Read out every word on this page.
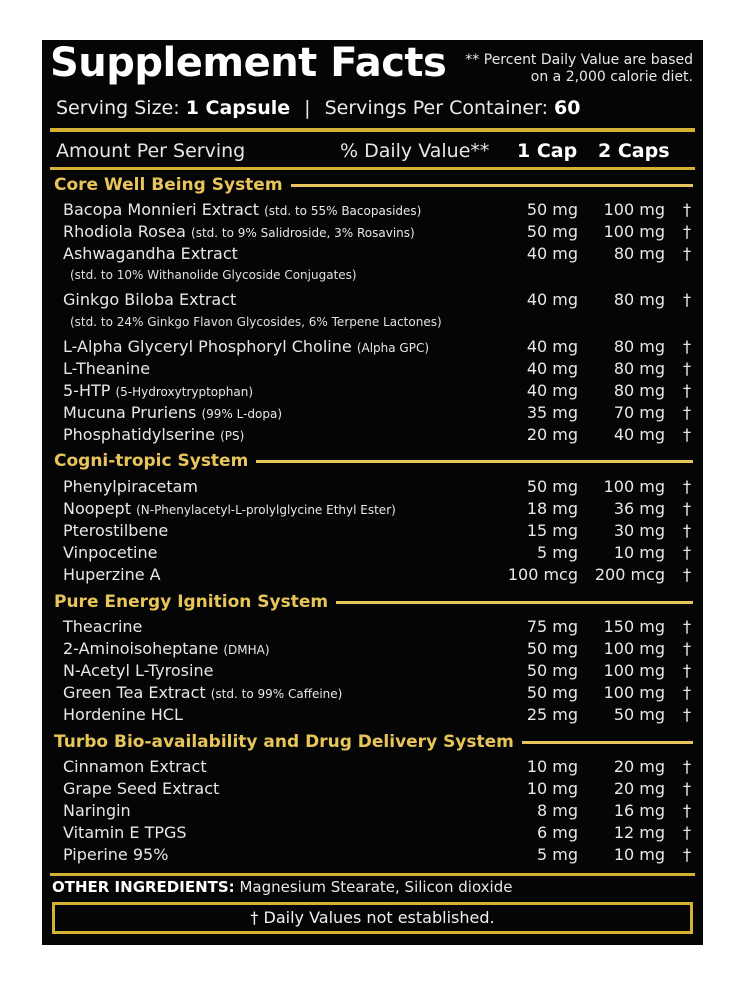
Supplement Facts ** Percent Daily Value are based
on a 2,000 calorie diet.
Serving Size: 1 Capsule | Servings Per Container: 60
Amount Per Serving	% Daily Value** 1 Cap 2 Caps
Core Well Being System
Cogni-tropic System
Pure Energy Ignition System
Turbo Bio-availability and Drug Delivery System
(std. to 10% Withanolide Glycoside Conjugates)
(std. to 24% Ginkgo Flavon Glycosides, 6% Terpene Lactones)
Bacopa Monnieri Extract (std. to 55% Bacopasides)	50 mg 100 mg †
Rhodiola Rosea (std. to 9% Salidroside, 3% Rosavins)	50 mg 100 mg †
Ashwagandha Extract	40 mg 80 mg †
Ginkgo Biloba Extract	40 mg 80 mg †
L-Alpha Glyceryl Phosphoryl Choline (Alpha GPC)	40 mg 80 mg †
L-Theanine	40 mg 80 mg †
5-HTP (5-Hydroxytryptophan)	40 mg 80 mg †
Mucuna Pruriens (99% L-dopa)	35 mg 70 mg †
Phosphatidylserine (PS)	20 mg 40 mg †
Phenylpiracetam	50 mg 100 mg †
Noopept (N-Phenylacetyl-L-prolylglycine Ethyl Ester)	18 mg 36 mg †
Pterostilbene	15 mg 30 mg †
Vinpocetine	5 mg 10 mg †
Huperzine A	100 mcg 200 mcg †
Theacrine	75 mg 150 mg †
2-Aminoisoheptane (DMHA)	50 mg 100 mg †
N-Acetyl L-Tyrosine	50 mg 100 mg †
Green Tea Extract (std. to 99% Caffeine)	50 mg 100 mg †
Hordenine HCL	25 mg 50 mg †
Cinnamon Extract	10 mg 20 mg †
Grape Seed Extract	10 mg 20 mg †
Naringin	8 mg 16 mg †
Vitamin E TPGS	6 mg 12 mg †
Piperine 95%	5 mg 10 mg †
OTHER INGREDIENTS: Magnesium Stearate, Silicon dioxide
† Daily Values not established.
